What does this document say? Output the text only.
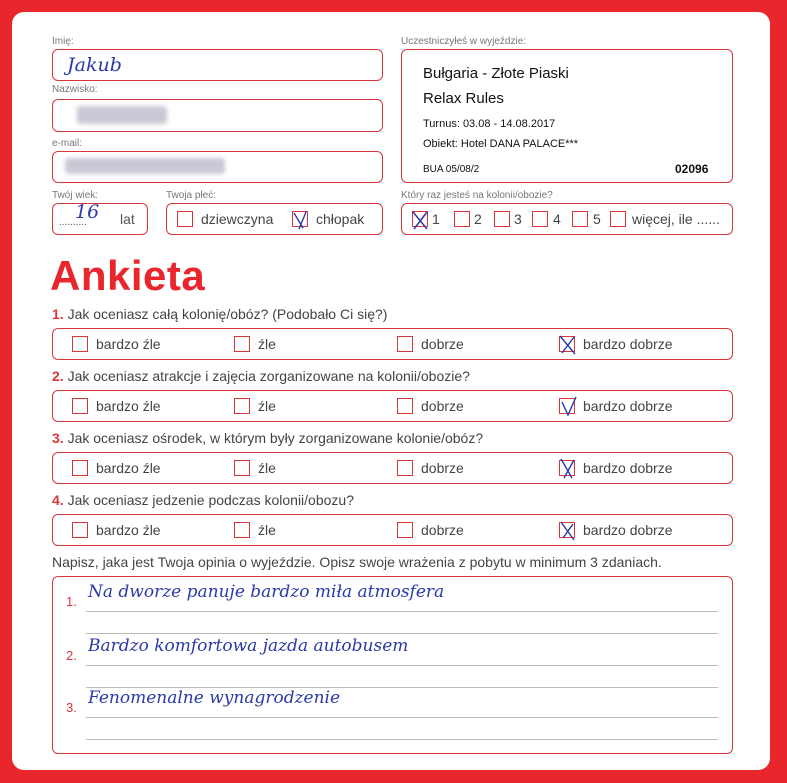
Imię:
Jakub
Nazwisko:
e-mail:
Twój wiek:
..........
16 lat
Twoja płeć:
dziewczyna	chłopak
Uczestniczyłeś w wyjeździe:
Bułgaria - Złote Piaski
Relax Rules
Turnus: 03.08 - 14.08.2017
Obiekt: Hotel DANA PALACE***
BUA 05/08/2	02096
Który raz jesteś na kolonii/obozie?
1 2 3 4 5 więcej, ile ......
Ankieta
1. Jak oceniasz całą kolonię/obóz? (Podobało Ci się?)
bardzo źle	źle	dobrze	bardzo dobrze
2. Jak oceniasz atrakcje i zajęcia zorganizowane na kolonii/obozie?
bardzo źle	źle	dobrze	bardzo dobrze
3. Jak oceniasz ośrodek, w którym były zorganizowane kolonie/obóz?
bardzo źle	źle	dobrze	bardzo dobrze
4. Jak oceniasz jedzenie podczas kolonii/obozu?
bardzo źle	źle	dobrze	bardzo dobrze
Napisz, jaka jest Twoja opinia o wyjeździe. Opisz swoje wrażenia z pobytu w minimum 3 zdaniach.
1. Na dworze panuje bardzo miła atmosfera
2. Bardzo komfortowa jazda autobusem
3. Fenomenalne wynagrodzenie
